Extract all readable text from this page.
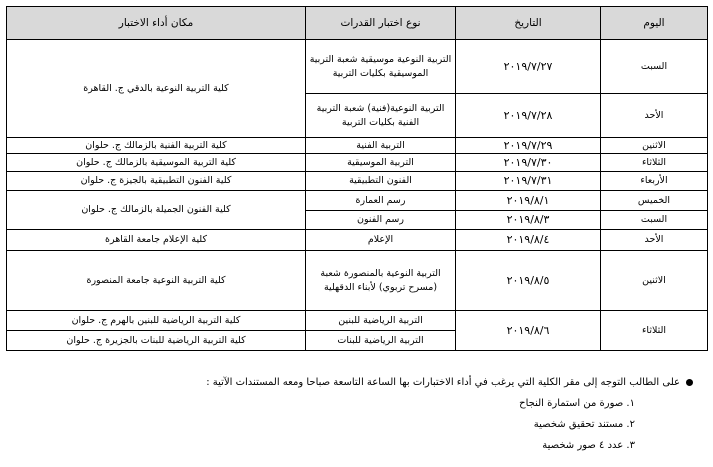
اليوم	التاريخ	نوع اختبار القدرات	مكان أداء الاختبار
السبت	٢٠١٩/٧/٢٧	التربية النوعية موسيقية شعبة التربية الموسيقية بكليات التربية	كلية التربية النوعية بالدقي ج. القاهرة
الأحد	٢٠١٩/٧/٢٨	التربية النوعية(فنية) شعبة التربية الفنية بكليات التربية	
الاثنين	٢٠١٩/٧/٢٩	التربية الفنية	كلية التربية الفنية بالزمالك ج. حلوان
الثلاثاء	٢٠١٩/٧/٣٠	التربية الموسيقية	كلية التربية الموسيقية بالزمالك ج. حلوان
الأربعاء	٢٠١٩/٧/٣١	الفنون التطبيقية	كلية الفنون التطبيقية بالجيزة ج. حلوان
الخميس	٢٠١٩/٨/١	رسم العمارة	كلية الفنون الجميلة بالزمالك ج. حلوان
السبت	٢٠١٩/٨/٣	رسم الفنون	
الأحد	٢٠١٩/٨/٤	الإعلام	كلية الإعلام جامعة القاهرة
الاثنين	٢٠١٩/٨/٥	التربية النوعية بالمنصورة شعبة (مسرح تربوي) لأبناء الدقهلية	كلية التربية النوعية جامعة المنصورة
الثلاثاء	٢٠١٩/٨/٦	التربية الرياضية للبنين	كلية التربية الرياضية للبنين بالهرم ج. حلوان
		التربية الرياضية للبنات	كلية التربية الرياضية للبنات بالجزيرة ج. حلوان
على الطالب التوجه إلى مقر الكلية التي يرغب في أداء الاختبارات بها الساعة التاسعة صباحا ومعه المستندات الآتية :
١. صورة من استمارة النجاح
٢. مستند تحقيق شخصية
٣. عدد ٤ صور شخصية
